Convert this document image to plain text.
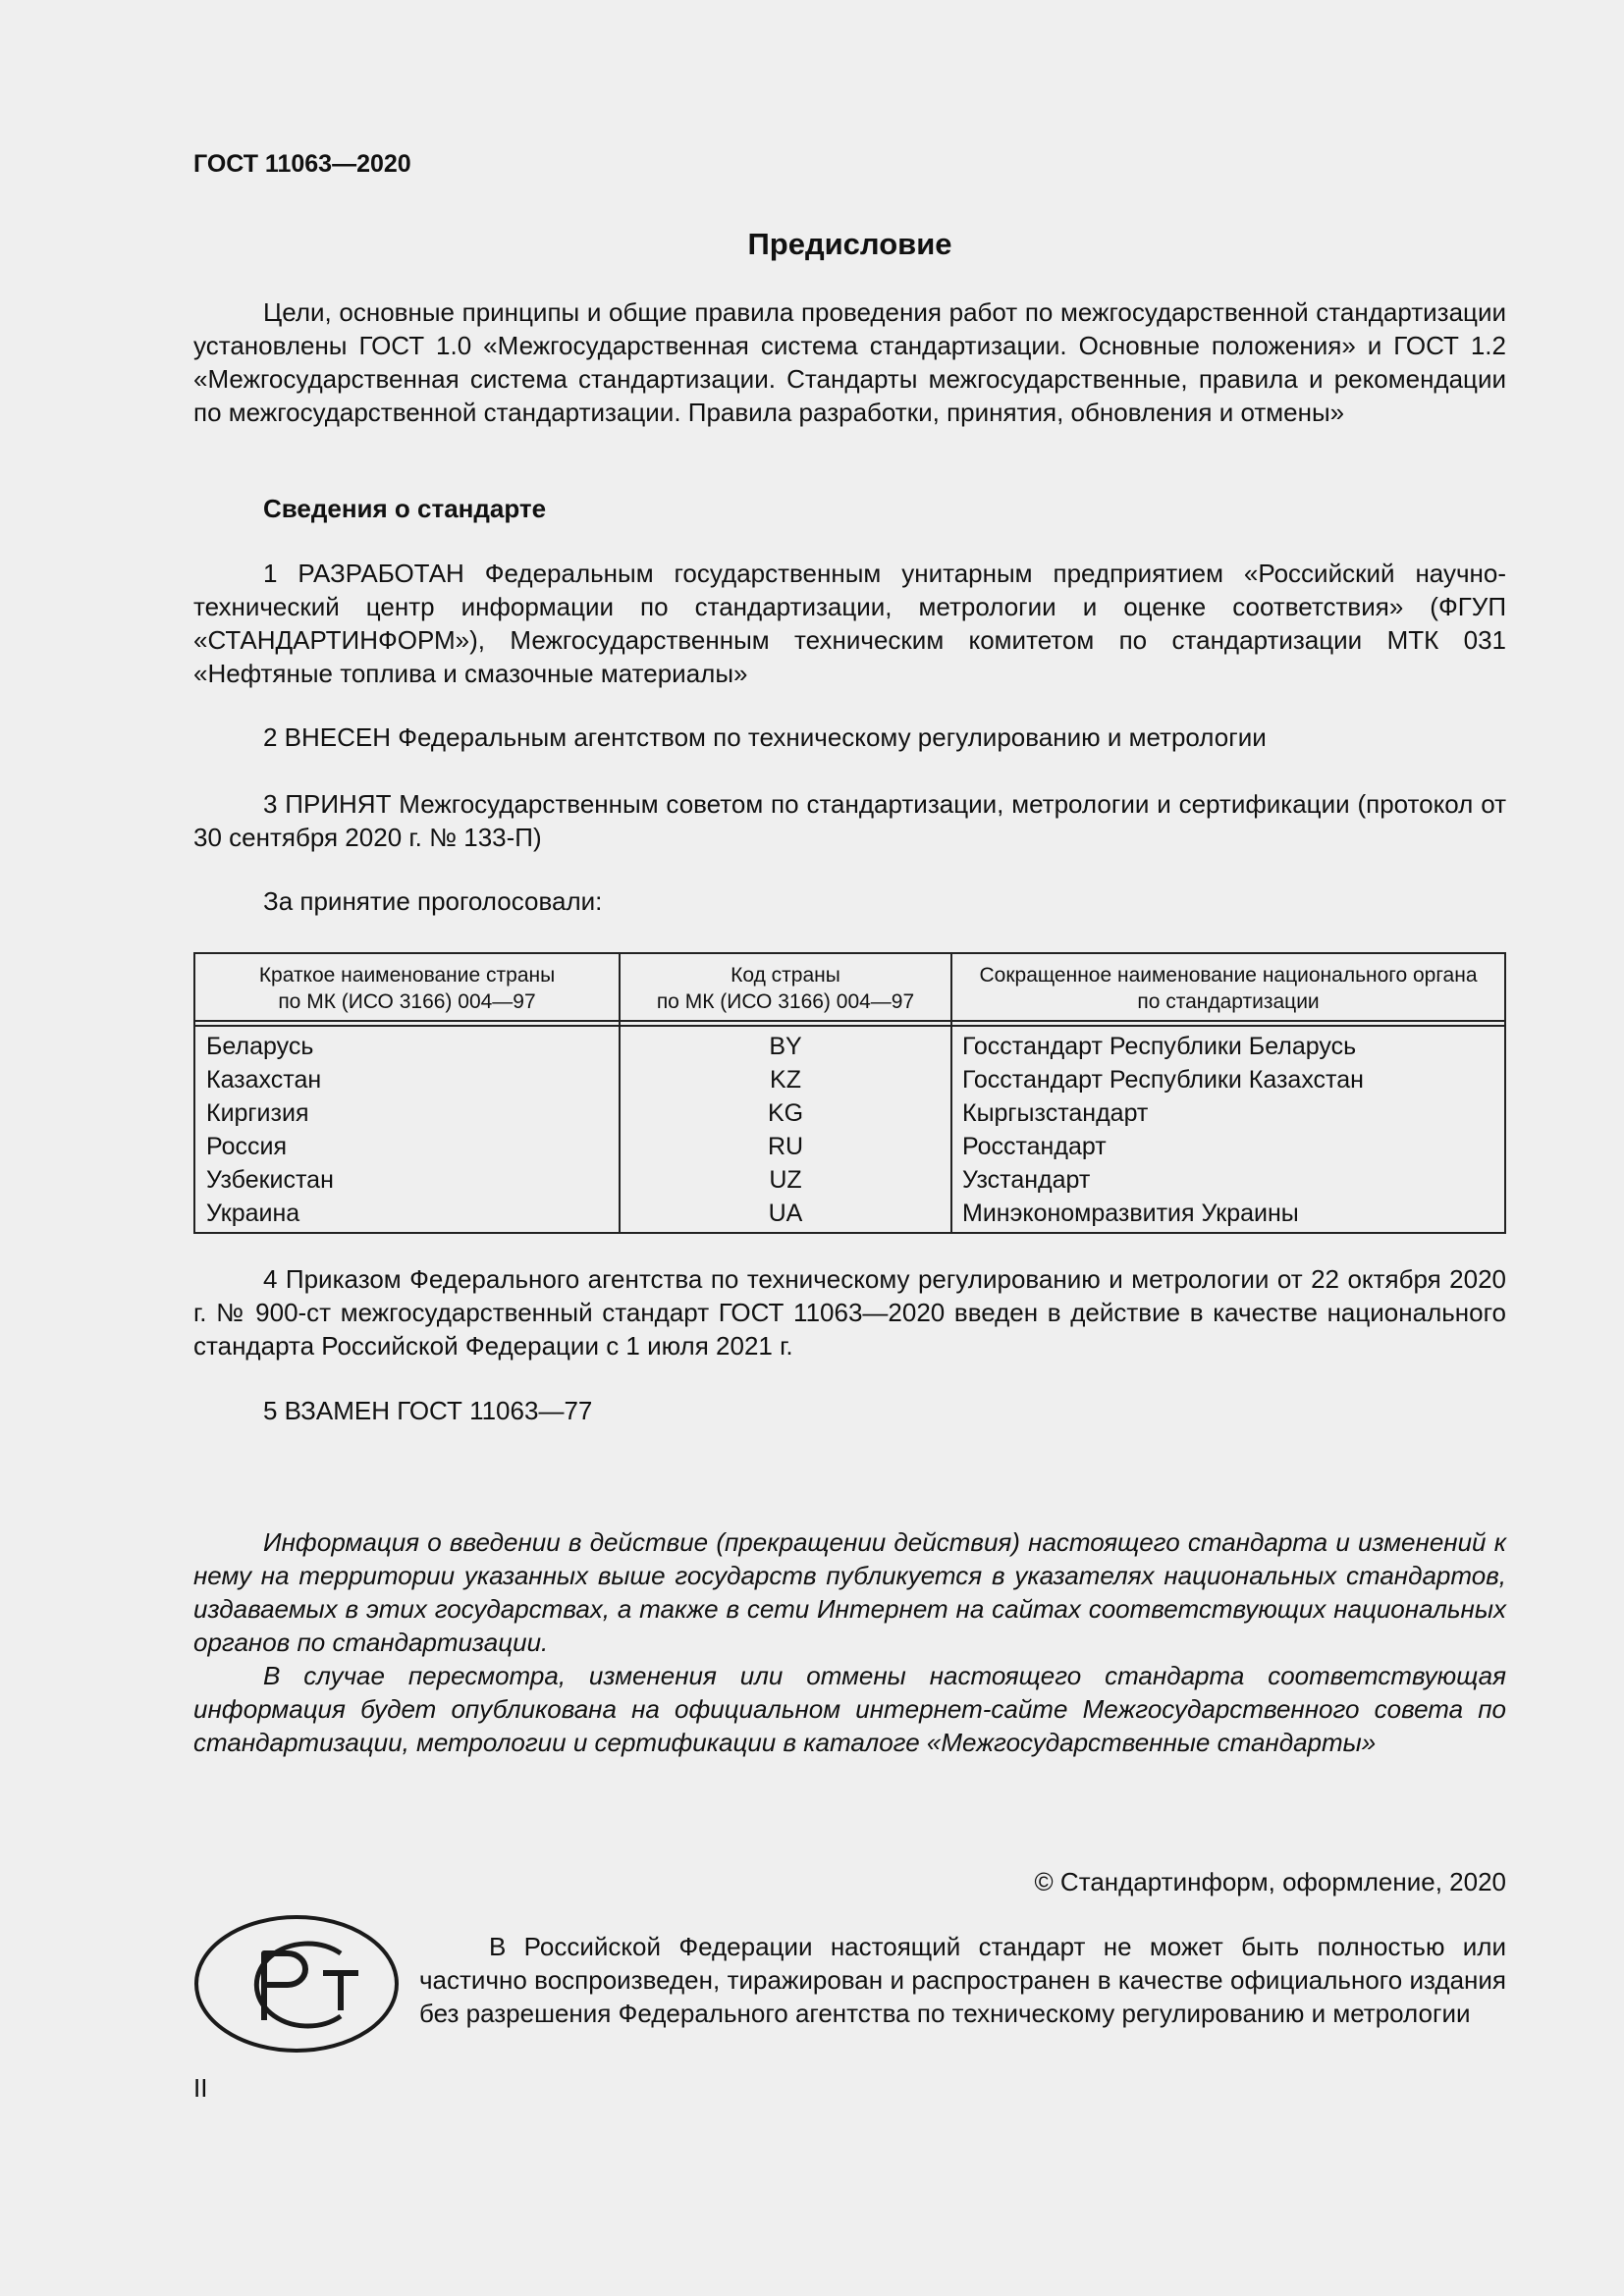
ГОСТ 11063—2020
Предисловие

Цели, основные принципы и общие правила проведения работ по межгосударственной стандартизации установлены ГОСТ 1.0 «Межгосударственная система стандартизации. Основные положения» и ГОСТ 1.2 «Межгосударственная система стандартизации. Стандарты межгосударственные, правила и рекомендации по межгосударственной стандартизации. Правила разработки, принятия, обновления и отмены»

Сведения о стандарте

1 РАЗРАБОТАН Федеральным государственным унитарным предприятием «Российский научно-технический центр информации по стандартизации, метрологии и оценке соответствия» (ФГУП «СТАНДАРТИНФОРМ»), Межгосударственным техническим комитетом по стандартизации МТК 031 «Нефтяные топлива и смазочные материалы»

2 ВНЕСЕН Федеральным агентством по техническому регулированию и метрологии

3 ПРИНЯТ Межгосударственным советом по стандартизации, метрологии и сертификации (протокол от 30 сентября 2020 г. № 133-П)

За принятие проголосовали:
Краткое наименование страны
по МК (ИСО 3166) 004—97
Код страны
по МК (ИСО 3166) 004—97
Сокращенное наименование национального органа
по стандартизации
Беларусь
Казахстан
Киргизия
Россия
Узбекистан
Украина
BY
KZ
KG
RU
UZ
UA
Госстандарт Республики Беларусь
Госстандарт Республики Казахстан
Кыргызстандарт
Росстандарт
Узстандарт
Минэкономразвития Украины

4 Приказом Федерального агентства по техническому регулированию и метрологии от 22 октября 2020 г. № 900-ст межгосударственный стандарт ГОСТ 11063—2020 введен в действие в качестве национального стандарта Российской Федерации с 1 июля 2021 г.

5 ВЗАМЕН ГОСТ 11063—77

Информация о введении в действие (прекращении действия) настоящего стандарта и изменений к нему на территории указанных выше государств публикуется в указателях национальных стандартов, издаваемых в этих государствах, а также в сети Интернет на сайтах соответствующих национальных органов по стандартизации.

В случае пересмотра, изменения или отмены настоящего стандарта соответствующая информация будет опубликована на официальном интернет-сайте Межгосударственного совета по стандартизации, метрологии и сертификации в каталоге «Межгосударственные стандарты»

© Стандартинформ, оформление, 2020

В Российской Федерации настоящий стандарт не может быть полностью или частично воспроизведен, тиражирован и распространен в качестве официального издания без разрешения Федерального агентства по техническому регулированию и метрологии

II
